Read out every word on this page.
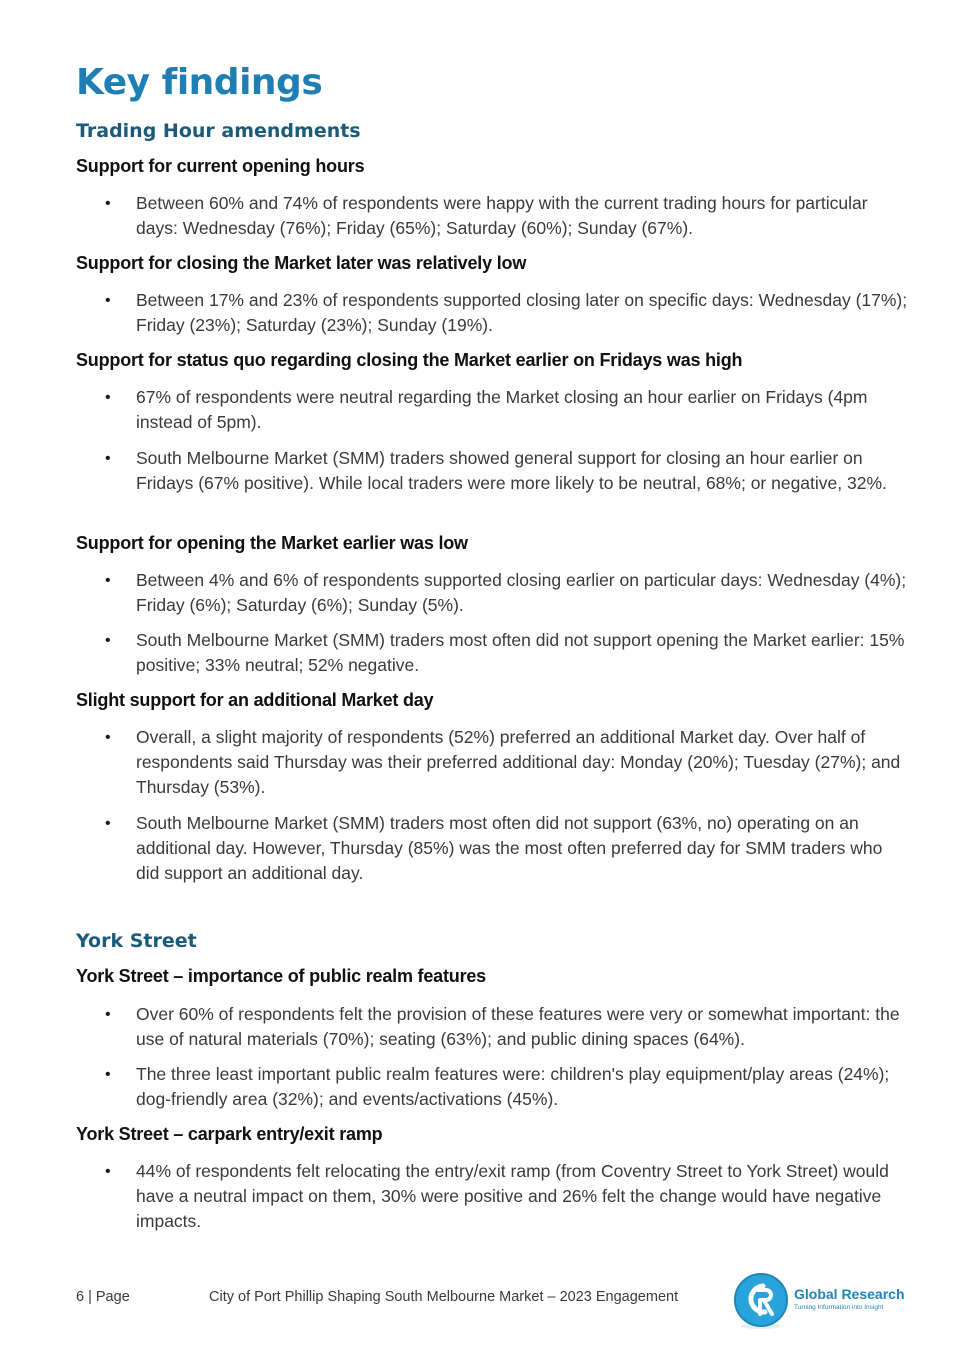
Key findings
Trading Hour amendments
Support for current opening hours

• Between 60% and 74% of respondents were happy with the current trading hours for particular days: Wednesday (76%); Friday (65%); Saturday (60%); Sunday (67%).

Support for closing the Market later was relatively low

• Between 17% and 23% of respondents supported closing later on specific days: Wednesday (17%); Friday (23%); Saturday (23%); Sunday (19%).

Support for status quo regarding closing the Market earlier on Fridays was high

• 67% of respondents were neutral regarding the Market closing an hour earlier on Fridays (4pm instead of 5pm).

• South Melbourne Market (SMM) traders showed general support for closing an hour earlier on Fridays (67% positive). While local traders were more likely to be neutral, 68%; or negative, 32%.

Support for opening the Market earlier was low

• Between 4% and 6% of respondents supported closing earlier on particular days: Wednesday (4%); Friday (6%); Saturday (6%); Sunday (5%).

• South Melbourne Market (SMM) traders most often did not support opening the Market earlier: 15% positive; 33% neutral; 52% negative.

Slight support for an additional Market day

• Overall, a slight majority of respondents (52%) preferred an additional Market day. Over half of respondents said Thursday was their preferred additional day: Monday (20%); Tuesday (27%); and Thursday (53%).

• South Melbourne Market (SMM) traders most often did not support (63%, no) operating on an additional day. However, Thursday (85%) was the most often preferred day for SMM traders who did support an additional day.

York Street
York Street – importance of public realm features

• Over 60% of respondents felt the provision of these features were very or somewhat important: the use of natural materials (70%); seating (63%); and public dining spaces (64%).

• The three least important public realm features were: children's play equipment/play areas (24%); dog-friendly area (32%); and events/activations (45%).

York Street – carpark entry/exit ramp

• 44% of respondents felt relocating the entry/exit ramp (from Coventry Street to York Street) would have a neutral impact on them, 30% were positive and 26% felt the change would have negative impacts.

6 | Page	City of Port Phillip Shaping South Melbourne Market – 2023 Engagement	Global Research
Turning Information into Insight
